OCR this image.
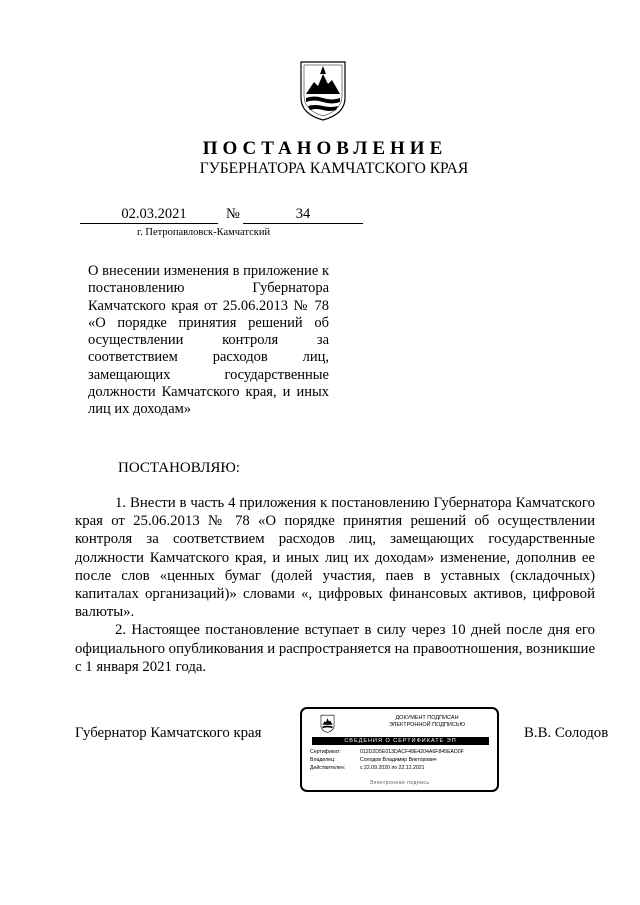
ПОСТАНОВЛЕНИЕ
ГУБЕРНАТОРА КАМЧАТСКОГО КРАЯ
02.03.2021	№	34
г. Петропавловск-Камчатский

О внесении изменения в приложение к постановлению Губернатора Камчатского края от 25.06.2013 № 78 «О порядке принятия решений об осуществлении контроля за соответствием расходов лиц, замещающих государственные должности Камчатского края, и иных лиц их доходам»

ПОСТАНОВЛЯЮ:

1. Внести в часть 4 приложения к постановлению Губернатора Камчатского края от 25.06.2013 № 78 «О порядке принятия решений об осуществлении контроля за соответствием расходов лиц, замещающих государственные должности Камчатского края, и иных лиц их доходам» изменение, дополнив ее после слов «ценных бумаг (долей участия, паев в уставных (складочных) капиталах организаций)» словами «, цифровых финансовых активов, цифровой валюты».

2. Настоящее постановление вступает в силу через 10 дней после дня его официального опубликования и распространяется на правоотношения, возникшие с 1 января 2021 года.

Губернатор Камчатского края	В.В. Солодов
ДОКУМЕНТ ПОДПИСАН
ЭЛЕКТРОННОЙ ПОДПИСЬЮ
СВЕДЕНИЯ О СЕРТИФИКАТЕ ЭП
Сертификат:	012D2D5E013DACF48E4204A6F845EAD0F
Владелец:	Солодов Владимир Викторович
Действителен:	с 22.09.2020 по 22.12.2021
Электронная подпись
